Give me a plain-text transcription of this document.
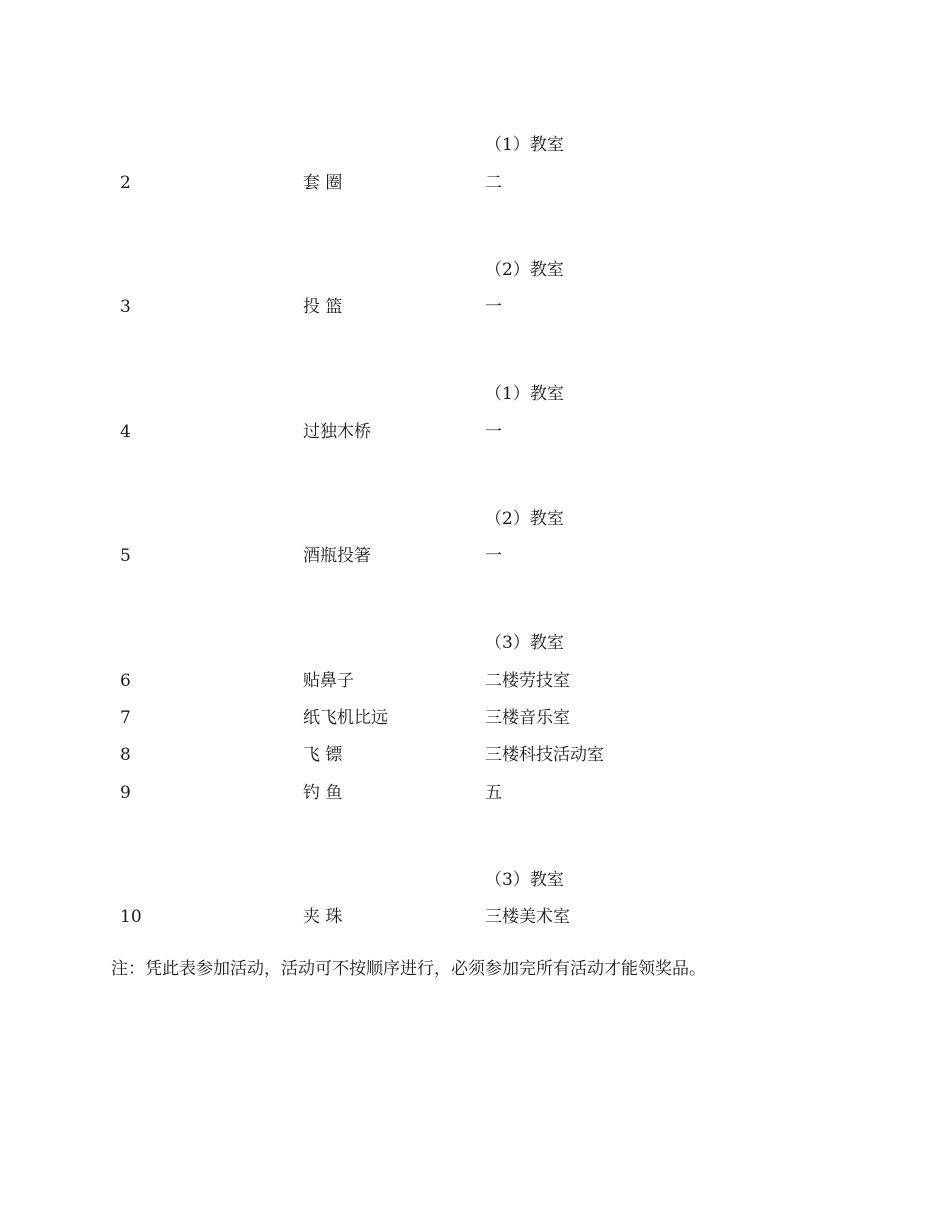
（1）教室
2	套 圈	二
（2）教室
3	投 篮	一
（1）教室
4	过独木桥	一
（2）教室
5	酒瓶投箸	一
（3）教室
6	贴鼻子	二楼劳技室
7	纸飞机比远	三楼音乐室
8	飞 镖	三楼科技活动室
9	钓 鱼	五
（3）教室
10	夹 珠	三楼美术室
注：凭此表参加活动，活动可不按顺序进行，必须参加完所有活动才能领奖品。
